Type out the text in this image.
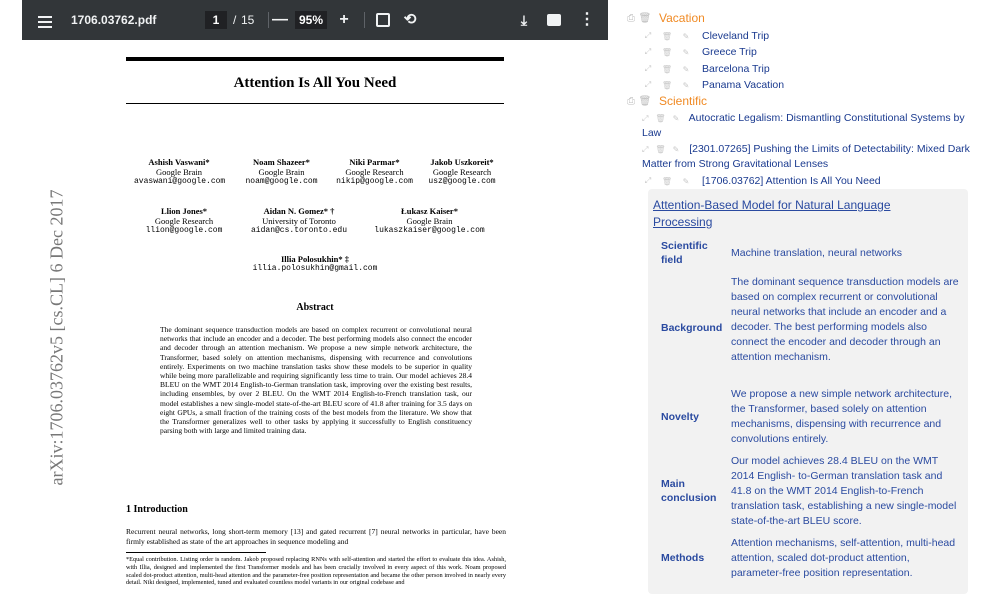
1706.03762.pdf	1	/ 15 — 95% +	⟲	⤓	⋮
arXiv:1706.03762v5 [cs.CL] 6 Dec 2017
Attention Is All You Need
Ashish Vaswani*
Google Brain
avaswani@google.com
Noam Shazeer*
Google Brain
noam@google.com
Niki Parmar*
Google Research
nikip@google.com
Jakob Uszkoreit*
Google Research
usz@google.com
Llion Jones*
Google Research
llion@google.com
Aidan N. Gomez* †
University of Toronto
aidan@cs.toronto.edu
Łukasz Kaiser*
Google Brain
lukaszkaiser@google.com
Illia Polosukhin* ‡
illia.polosukhin@gmail.com
Abstract
The dominant sequence transduction models are based on complex recurrent or convolutional neural networks that include an encoder and a decoder. The best performing models also connect the encoder and decoder through an attention mechanism. We propose a new simple network architecture, the Transformer, based solely on attention mechanisms, dispensing with recurrence and convolutions entirely. Experiments on two machine translation tasks show these models to be superior in quality while being more parallelizable and requiring significantly less time to train. Our model achieves 28.4 BLEU on the WMT 2014 English-to-German translation task, improving over the existing best results, including ensembles, by over 2 BLEU. On the WMT 2014 English-to-French translation task, our model establishes a new single-model state-of-the-art BLEU score of 41.8 after training for 3.5 days on eight GPUs, a small fraction of the training costs of the best models from the literature. We show that the Transformer generalizes well to other tasks by applying it successfully to English constituency parsing both with large and limited training data.
1 Introduction
Recurrent neural networks, long short-term memory [13] and gated recurrent [7] neural networks in particular, have been firmly established as state of the art approaches in sequence modeling and
*Equal contribution. Listing order is random. Jakob proposed replacing RNNs with self-attention and started the effort to evaluate this idea. Ashish, with Illia, designed and implemented the first Transformer models and has been crucially involved in every aspect of this work. Noam proposed scaled dot-product attention, multi-head attention and the parameter-free position representation and became the other person involved in nearly every detail. Niki designed, implemented, tuned and evaluated countless model variants in our original codebase and
⎙ 🗑 Vacation
⤢	🗑	✎ Cleveland Trip
⤢	🗑	✎ Greece Trip
⤢	🗑	✎ Barcelona Trip
⤢	🗑	✎ Panama Vacation
⎙ 🗑 Scientific
⤢ 🗑 ✎ Autocratic Legalism: Dismantling Constitutional Systems by Law
⤢ 🗑 ✎ [2301.07265] Pushing the Limits of Detectability: Mixed Dark Matter from Strong Gravitational Lenses
⤢	🗑	✎ [1706.03762] Attention Is All You Need
Attention-Based Model for Natural Language Processing
Scientific field
Machine translation, neural networks
Background
The dominant sequence transduction models are based on complex recurrent or convolutional neural networks that include an encoder and a decoder. The best performing models also connect the encoder and decoder through an attention mechanism.
Novelty
We propose a new simple network architecture, the Transformer, based solely on attention mechanisms, dispensing with recurrence and convolutions entirely.
Main conclusion
Our model achieves 28.4 BLEU on the WMT 2014 English- to-German translation task and 41.8 on the WMT 2014 English-to-French translation task, establishing a new single-model state-of-the-art BLEU score.
Methods
Attention mechanisms, self-attention, multi-head attention, scaled dot-product attention, parameter-free position representation.
